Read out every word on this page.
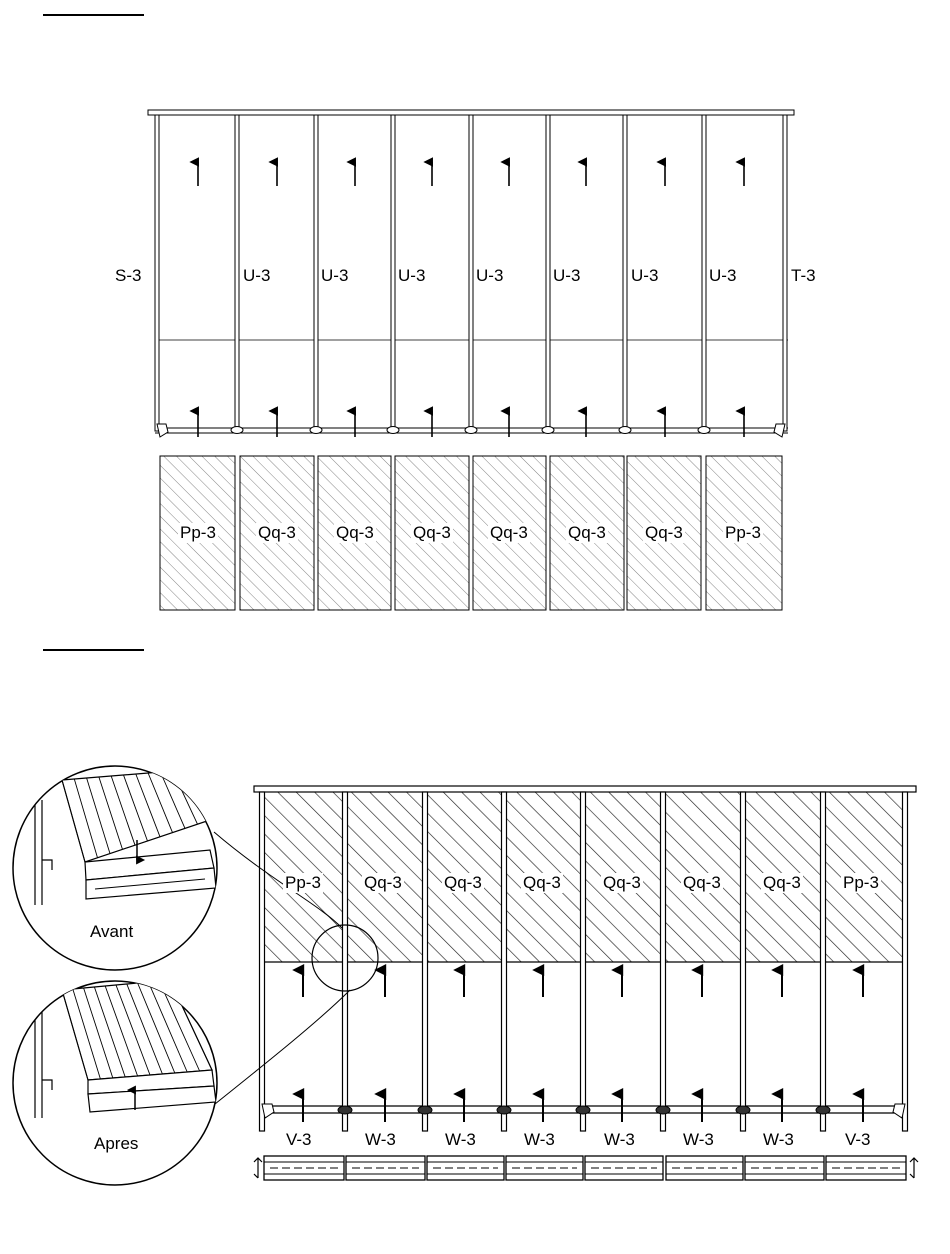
S-3	T-3
U-3	U-3	U-3	U-3	U-3	U-3	U-3
Pp-3 Qq-3 Qq-3 Qq-3 Qq-3 Qq-3 Qq-3 Pp-3
Pp-3	Qq-3 Qq-3 Qq-3 Qq-3 Qq-3 Qq-3 Pp-3
V-3	W-3	W-3	W-3	W-3	W-3	W-3	V-3
Avant
Apres
